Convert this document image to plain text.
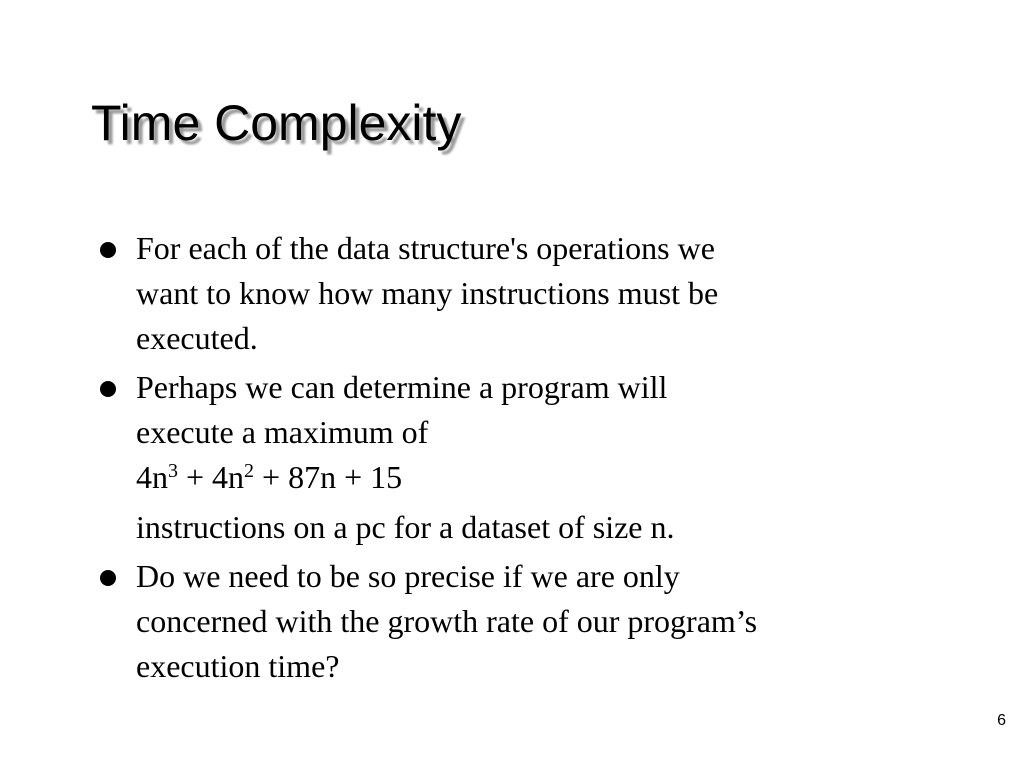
Time Complexity
For each of the data structure's operations we
want to know how many instructions must be
executed.
Perhaps we can determine a program will
execute a maximum of
$4n^3 + 4n^2 + 87n + 15$
instructions on a pc for a dataset of size n.
Do we need to be so precise if we are only
concerned with the growth rate of our program’s
execution time?
6
